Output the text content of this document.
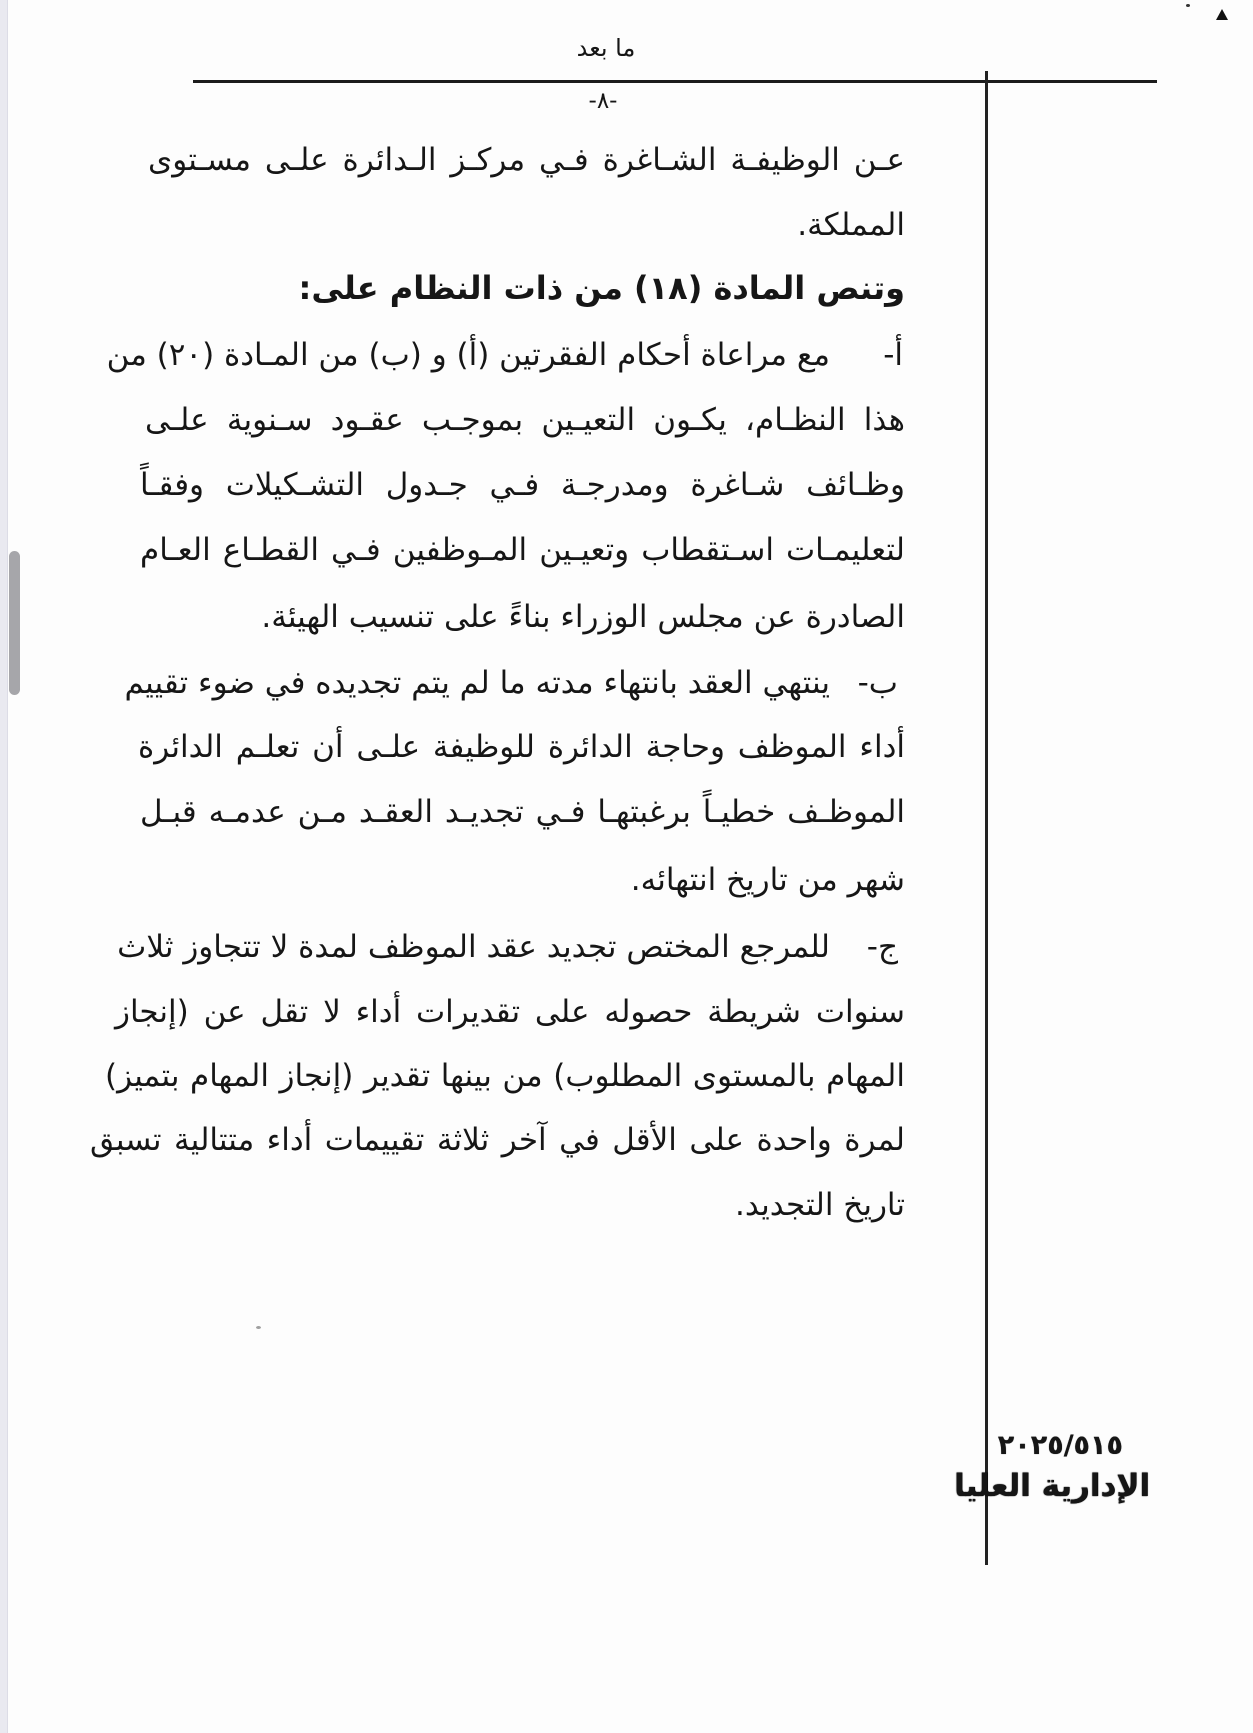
ما بعد
-٨-
عـن الوظيفـة الشـاغرة فـي مركـز الـدائرة علـى مسـتوى
المملكة.
وتنص المادة (١٨) من ذات النظام على:
أ-
مع مراعاة أحكام الفقرتين (أ) و (ب) من المـادة (٢٠) من
هذا النظـام، يكـون التعيـين بموجـب عقـود سـنوية علـى
وظـائف شـاغرة ومدرجـة فـي جـدول التشـكيلات وفقـاً
لتعليمـات اسـتقطاب وتعيـين المـوظفين فـي القطـاع العـام
الصادرة عن مجلس الوزراء بناءً على تنسيب الهيئة.
ب-
ينتهي العقد بانتهاء مدته ما لم يتم تجديده في ضوء تقييم
أداء الموظف وحاجة الدائرة للوظيفة علـى أن تعلـم الدائرة
الموظـف خطيـاً برغبتهـا فـي تجديـد العقـد مـن عدمـه قبـل
شهر من تاريخ انتهائه.
ج-
للمرجع المختص تجديد عقد الموظف لمدة لا تتجاوز ثلاث
سنوات شريطة حصوله على تقديرات أداء لا تقل عن (إنجاز
المهام بالمستوى المطلوب) من بينها تقدير (إنجاز المهام بتميز)
لمرة واحدة على الأقل في آخر ثلاثة تقييمات أداء متتالية تسبق
تاريخ التجديد.
٢٠٢٥/٥١٥
الإدارية العليا
